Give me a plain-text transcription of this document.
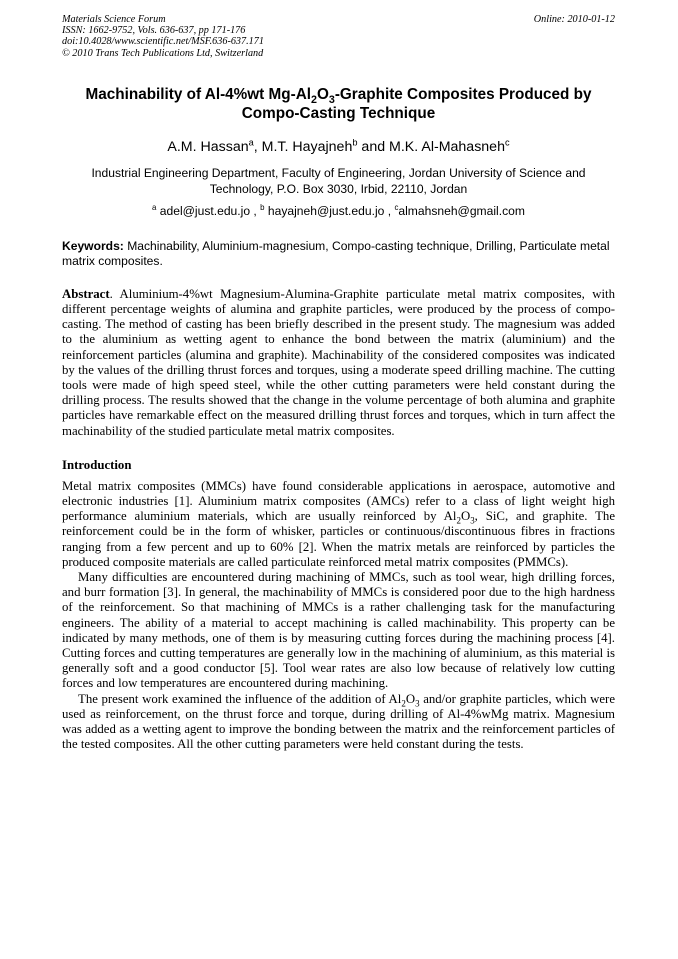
Materials Science Forum
ISSN: 1662-9752, Vols. 636-637, pp 171-176
doi:10.4028/www.scientific.net/MSF.636-637.171
© 2010 Trans Tech Publications Ltd, Switzerland
Online: 2010-01-12
Machinability of Al-4%wt $Mg-Al_2O_3$-Graphite Composites Produced by Compo-Casting Technique
A.M. Hassan$^a$, M.T. Hayajneh$^b$ and M.K. Al-Mahasneh$^c$
Industrial Engineering Department, Faculty of Engineering, Jordan University of Science and Technology, P.O. Box 3030, Irbid, 22110, Jordan
$^a$ adel@just.edu.jo , $^b$ hayajneh@just.edu.jo , $^c$almahsneh@gmail.com
Keywords: Machinability, Aluminium-magnesium, Compo-casting technique, Drilling, Particulate metal matrix composites.
Abstract. Aluminium-4%wt Magnesium-Alumina-Graphite particulate metal matrix composites, with different percentage weights of alumina and graphite particles, were produced by the process of compo-casting. The method of casting has been briefly described in the present study. The magnesium was added to the aluminium as wetting agent to enhance the bond between the matrix (aluminium) and the reinforcement particles (alumina and graphite). Machinability of the considered composites was indicated by the values of the drilling thrust forces and torques, using a moderate speed drilling machine. The cutting tools were made of high speed steel, while the other cutting parameters were held constant during the drilling process. The results showed that the change in the volume percentage of both alumina and graphite particles have remarkable effect on the measured drilling thrust forces and torques, which in turn affect the machinability of the studied particulate metal matrix composites.
Introduction
Metal matrix composites (MMCs) have found considerable applications in aerospace, automotive and electronic industries [1]. Aluminium matrix composites (AMCs) refer to a class of light weight high performance aluminium materials, which are usually reinforced by $Al_2O_3$, SiC, and graphite. The reinforcement could be in the form of whisker, particles or continuous/discontinuous fibres in fractions ranging from a few percent and up to 60% [2]. When the matrix metals are reinforced by particles the produced composite materials are called particulate reinforced metal matrix composites (PMMCs).
Many difficulties are encountered during machining of MMCs, such as tool wear, high drilling forces, and burr formation [3]. In general, the machinability of MMCs is considered poor due to the high hardness of the reinforcement. So that machining of MMCs is a rather challenging task for the manufacturing engineers. The ability of a material to accept machining is called machinability. This property can be indicated by many methods, one of them is by measuring cutting forces during the machining process [4]. Cutting forces and cutting temperatures are generally low in the machining of aluminium, as this material is generally soft and a good conductor [5]. Tool wear rates are also low because of relatively low cutting forces and low temperatures are encountered during machining.
The present work examined the influence of the addition of $Al_2O_3$ and/or graphite particles, which were used as reinforcement, on the thrust force and torque, during drilling of Al-4%wMg matrix. Magnesium was added as a wetting agent to improve the bonding between the matrix and the reinforcement particles of the tested composites. All the other cutting parameters were held constant during the tests.
